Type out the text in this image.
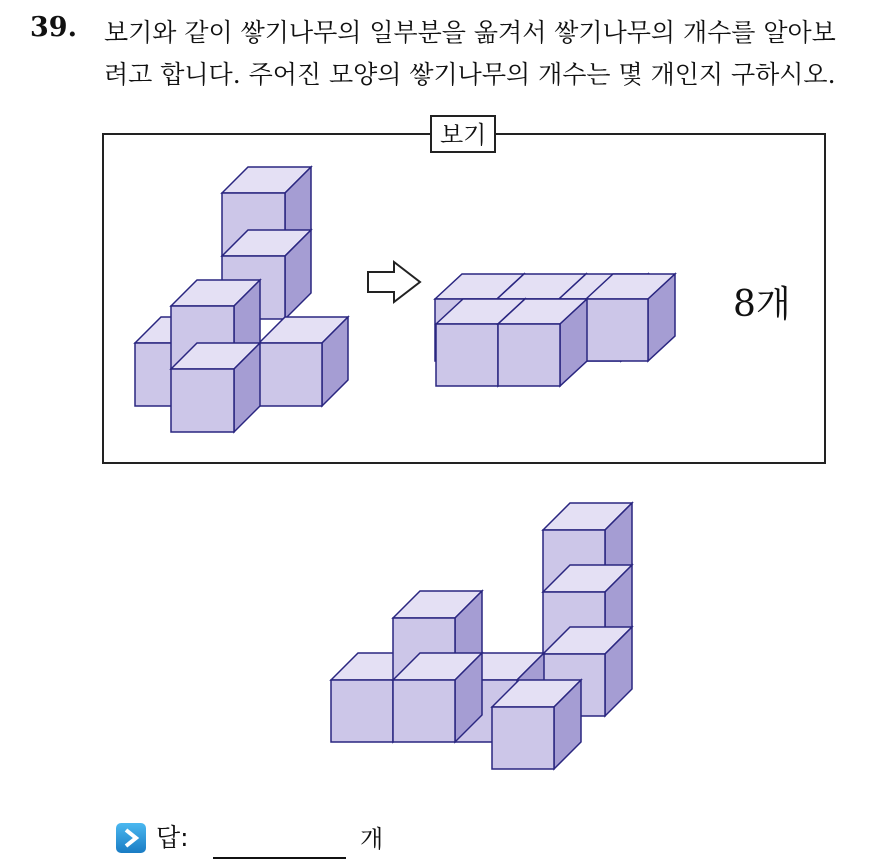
39. 보기와 같이 쌓기나무의 일부분을 옮겨서 쌓기나무의 개수를 알아보
려고 합니다. 주어진 모양의 쌓기나무의 개수는 몇 개인지 구하시오.
보기
8개
답:	개
